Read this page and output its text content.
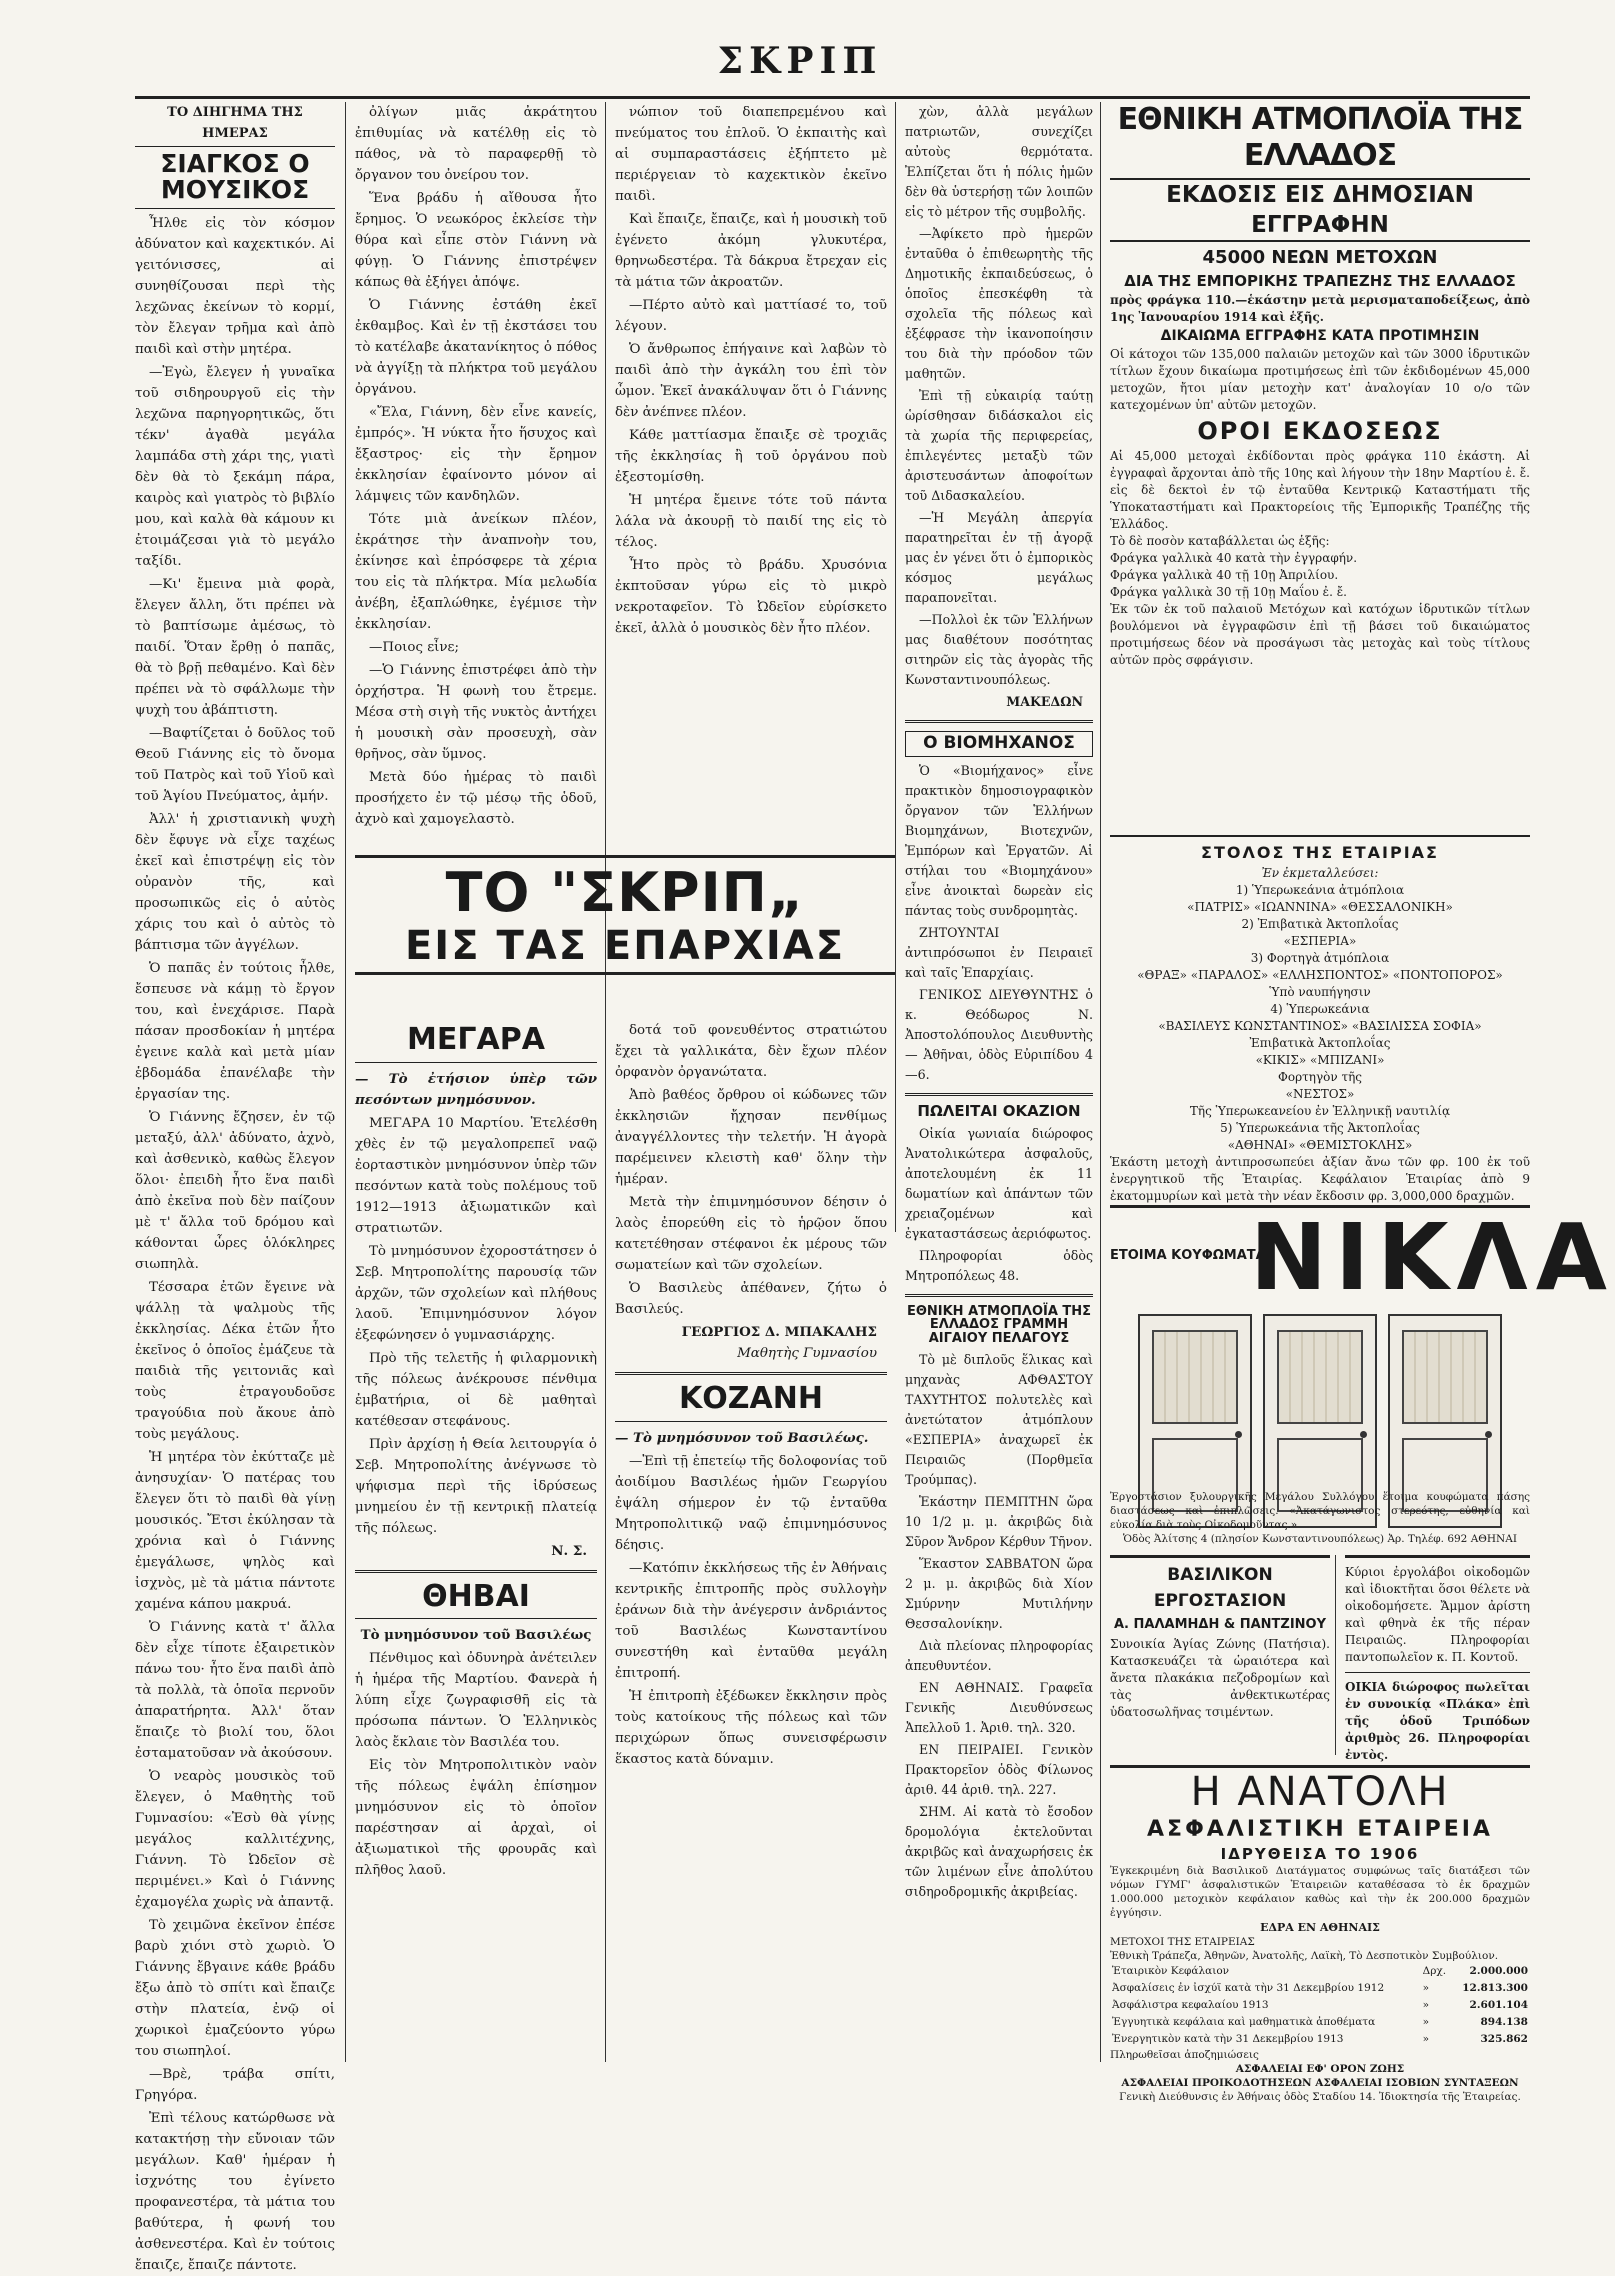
ΣΚΡΙΠ
ΤΟ ΔΙΗΓΗΜΑ ΤΗΣ ΗΜΕΡΑΣ
ΣΙΑΓΚΟΣ Ο ΜΟΥΣΙΚΟΣ

Ἦλθε εἰς τὸν κόσμον ἀδύνατον καὶ καχεκτικόν. Αἱ γειτόνισσες, αἱ συνηθίζουσαι περὶ τὴς λεχῶνας ἐκείνων τὸ κορμί, τὸν ἔλεγαν τρῆμα καὶ ἀπὸ παιδὶ καὶ στὴν μητέρα.

—Ἐγὼ, ἔλεγεν ἡ γυναῖκα τοῦ σιδηρουργοῦ εἰς τὴν λεχῶνα παρηγορητικῶς, ὅτι τέκν' ἀγαθὰ μεγάλα λαμπάδα στὴ χάρι της, γιατὶ δὲν θὰ τὸ ξεκάμη πάρα, καιρὸς καὶ γιατρὸς τὸ βιβλίο μου, καὶ καλὰ θὰ κάμουν κι ἐτοιμάζεσαι γιὰ τὸ μεγάλο ταξίδι.

—Κι' ἔμεινα μιὰ φορὰ, ἔλεγεν ἄλλη, ὅτι πρέπει νὰ τὸ βαπτίσωμε ἀμέσως, τὸ παιδί. Ὅταν ἔρθῃ ὁ παπᾶς, θὰ τὸ βρῇ πεθαμένο. Καὶ δὲν πρέπει νὰ τὸ σφάλλωμε τὴν ψυχὴ του ἀβάπτιστη.

—Βαφτίζεται ὁ δοῦλος τοῦ Θεοῦ Γιάννης εἰς τὸ ὄνομα τοῦ Πατρὸς καὶ τοῦ Υἱοῦ καὶ τοῦ Ἁγίου Πνεύματος, ἀμήν.

Ἀλλ' ἡ χριστιανικὴ ψυχὴ δὲν ἔφυγε νὰ εἶχε ταχέως ἐκεῖ καὶ ἐπιστρέψῃ εἰς τὸν οὐρανὸν τῆς, καὶ προσωπικῶς εἰς ὁ αὐτὸς χάρις του καὶ ὁ αὐτὸς τὸ βάπτισμα τῶν ἀγγέλων.

Ὁ παπᾶς ἐν τούτοις ἦλθε, ἔσπευσε νὰ κάμῃ τὸ ἔργον του, καὶ ἐνεχάρισε. Παρὰ πάσαν προσδοκίαν ἡ μητέρα ἐγεινε καλὰ καὶ μετὰ μίαν ἑβδομάδα ἐπανέλαβε τὴν ἐργασίαν της.

Ὁ Γιάννης ἔζησεν, ἐν τῷ μεταξύ, ἀλλ' ἀδύνατο, ἀχνὸ, καὶ ἀσθενικὸ, καθὼς ἔλεγον ὅλοι· ἐπειδὴ ἦτο ἕνα παιδὶ ἀπὸ ἐκεῖνα ποὺ δὲν παίζουν μὲ τ' ἄλλα τοῦ δρόμου καὶ κάθονται ὧρες ὁλόκληρες σιωπηλὰ.

Τέσσαρα ἐτῶν ἔγεινε νὰ ψάλλῃ τὰ ψαλμοὺς τῆς ἐκκλησίας. Δέκα ἐτῶν ἦτο ἐκεῖνος ὁ ὁποῖος ἐμάζευε τὰ παιδιὰ τῆς γειτονιᾶς καὶ τοὺς ἐτραγουδοῦσε τραγούδια ποὺ ἄκουε ἀπὸ τοὺς μεγάλους.

Ἡ μητέρα τὸν ἐκύτταζε μὲ ἀνησυχίαν· Ὁ πατέρας του ἔλεγεν ὅτι τὸ παιδὶ θὰ γίνῃ μουσικός. Ἔτσι ἐκύλησαν τὰ χρόνια καὶ ὁ Γιάννης ἐμεγάλωσε, ψηλὸς καὶ ἰσχνὸς, μὲ τὰ μάτια πάντοτε χαμένα κάπου μακρυά.

Ὁ Γιάννης κατὰ τ' ἄλλα δὲν εἶχε τίποτε ἐξαιρετικὸν πάνω του· ἦτο ἕνα παιδὶ ἀπὸ τὰ πολλὰ, τὰ ὁποῖα περνοῦν ἀπαρατήρητα. Ἀλλ' ὅταν ἔπαιζε τὸ βιολί του, ὅλοι ἐσταματοῦσαν νὰ ἀκούσουν.

Ὁ νεαρὸς μουσικὸς τοῦ ἔλεγεν, ὁ Μαθητὴς τοῦ Γυμνασίου: «Ἐσὺ θὰ γίνῃς μεγάλος καλλιτέχνης, Γιάννη. Τὸ Ὠδεῖον σὲ περιμένει.» Καὶ ὁ Γιάννης ἐχαμογέλα χωρὶς νὰ ἀπαντᾷ.

Τὸ χειμῶνα ἐκεῖνον ἐπέσε βαρὺ χιόνι στὸ χωριὸ. Ὁ Γιάννης ἔβγαινε κάθε βράδυ ἔξω ἀπὸ τὸ σπίτι καὶ ἔπαιζε στὴν πλατεία, ἐνῷ οἱ χωρικοὶ ἐμαζεύοντο γύρω του σιωπηλοί.

—Βρὲ, τράβα σπίτι, Γρηγόρα.

Ἐπὶ τέλους κατώρθωσε νὰ κατακτήσῃ τὴν εὔνοιαν τῶν μεγάλων. Καθ' ἡμέραν ἡ ἰσχνότης του ἐγίνετο προφανεστέρα, τὰ μάτια του βαθύτερα, ἡ φωνή του ἀσθενεστέρα. Καὶ ἐν τούτοις ἔπαιζε, ἔπαιζε πάντοτε.

ὀλίγων μιᾶς ἀκράτητου ἐπιθυμίας νὰ κατέλθῃ εἰς τὸ πάθος, νὰ τὸ παραφερθῇ τὸ ὄργανον του ὀνείρου τον.

Ἕνα βράδυ ἡ αἴθουσα ἦτο ἔρημος. Ὁ νεωκόρος ἐκλείσε τὴν θύρα καὶ εἶπε στὸν Γιάννη νὰ φύγῃ. Ὁ Γιάννης ἐπιστρέψεν κάπως θὰ ἐξήγει ἀπόψε.

Ὁ Γιάννης ἐστάθη ἐκεῖ ἐκθαμβος. Καὶ ἐν τῇ ἐκστάσει του τὸ κατέλαβε ἀκατανίκητος ὁ πόθος νὰ ἀγγίξῃ τὰ πλήκτρα τοῦ μεγάλου ὀργάνου.

«Ἔλα, Γιάννη, δὲν εἶνε κανείς, ἐμπρός». Ἡ νύκτα ἦτο ἥσυχος καὶ ἔξαστρος· εἰς τὴν ἔρημον ἐκκλησίαν ἐφαίνοντο μόνον αἱ λάμψεις τῶν κανδηλῶν.

Τότε μιὰ ἀνείκων πλέον, ἐκράτησε τὴν ἀναπνοὴν του, ἐκίνησε καὶ ἐπρόσφερε τὰ χέρια του εἰς τὰ πλήκτρα. Μία μελωδία ἀνέβη, ἐξαπλώθηκε, ἐγέμισε τὴν ἐκκλησίαν.

—Ποιος εἶνε;

—Ὁ Γιάννης ἐπιστρέφει ἀπὸ τὴν ὁρχήστρα. Ἡ φωνὴ του ἔτρεμε. Μέσα στὴ σιγὴ τῆς νυκτὸς ἀντήχει ἡ μουσικὴ σὰν προσευχὴ, σὰν θρῆνος, σὰν ὕμνος.

Μετὰ δύο ἡμέρας τὸ παιδὶ προσήχετο ἐν τῷ μέσῳ τῆς ὁδοῦ, ἀχνὸ καὶ χαμογελαστὸ.

νώπιον τοῦ διαπεπρεμένου καὶ πνεύματος του ἐπλοῦ. Ὁ ἐκπαιτὴς καὶ αἱ συμπαραστάσεις ἐξήπτετο μὲ περιέργειαν τὸ καχεκτικὸν ἐκεῖνο παιδὶ.

Καὶ ἔπαιζε, ἔπαιζε, καὶ ἡ μουσικὴ τοῦ ἐγένετο ἀκόμη γλυκυτέρα, θρηνωδεστέρα. Τὰ δάκρυα ἔτρεχαν εἰς τὰ μάτια τῶν ἀκροατῶν.

—Πέρτο αὐτὸ καὶ ματτίασέ το, τοῦ λέγουν.

Ὁ ἄνθρωπος ἐπήγαινε καὶ λαβὼν τὸ παιδὶ ἀπὸ τὴν ἀγκάλη του ἐπὶ τὸν ὦμον. Ἐκεῖ ἀνακάλυψαν ὅτι ὁ Γιάννης δὲν ἀνέπνεε πλέον.

Κάθε ματτίασμα ἔπαιξε σὲ τροχιᾶς τῆς ἐκκλησίας ἢ τοῦ ὀργάνου ποὺ ἐξεστομίσθη.

Ἡ μητέρα ἔμεινε τότε τοῦ πάντα λάλα νὰ ἀκουρῇ τὸ παιδί της εἰς τὸ τέλος.

Ἦτο πρὸς τὸ βράδυ. Χρυσόνια ἐκπτοῦσαν γύρω εἰς τὸ μικρὸ νεκροταφεῖον. Τὸ Ὠδεῖον εὑρίσκετο ἐκεῖ, ἀλλὰ ὁ μουσικὸς δὲν ἦτο πλέον.

ΤΟ "ΣΚΡΙΠ„
ΕΙΣ ΤΑΣ ΕΠΑΡΧΙΑΣ
ΜΕΓΑΡΑ

— Τὸ ἐτήσιον ὑπὲρ τῶν πεσόντων μνημόσυνον.

ΜΕΓΑΡΑ 10 Μαρτίου. Ἐτελέσθη χθὲς ἐν τῷ μεγαλοπρεπεῖ ναῷ ἐορταστικὸν μνημόσυνον ὑπὲρ τῶν πεσόντων κατὰ τοὺς πολέμους τοῦ 1912—1913 ἀξιωματικῶν καὶ στρατιωτῶν.

Τὸ μνημόσυνον ἐχοροστάτησεν ὁ Σεβ. Μητροπολίτης παρουσίᾳ τῶν ἀρχῶν, τῶν σχολείων καὶ πλήθους λαοῦ. Ἐπιμνημόσυνον λόγον ἐξεφώνησεν ὁ γυμνασιάρχης.

Πρὸ τῆς τελετῆς ἡ φιλαρμονικὴ τῆς πόλεως ἀνέκρουσε πένθιμα ἐμβατήρια, οἱ δὲ μαθηταὶ κατέθεσαν στεφάνους.

Πρὶν ἀρχίσῃ ἡ Θεία λειτουργία ὁ Σεβ. Μητροπολίτης ἀνέγνωσε τὸ ψήφισμα περὶ τῆς ἱδρύσεως μνημείου ἐν τῇ κεντρικῇ πλατείᾳ τῆς πόλεως.

Ν. Σ.
ΘΗΒΑΙ

Τὸ μνημόσυνον τοῦ Βασιλέως

Πένθιμος καὶ ὀδυνηρὰ ἀνέτειλεν ἡ ἡμέρα τῆς Μαρτίου. Φανερὰ ἡ λύπη εἶχε ζωγραφισθῆ εἰς τὰ πρόσωπα πάντων. Ὁ Ἑλληνικὸς λαὸς ἔκλαιε τὸν Βασιλέα του.

Εἰς τὸν Μητροπολιτικὸν ναὸν τῆς πόλεως ἐψάλη ἐπίσημον μνημόσυνον εἰς τὸ ὁποῖον παρέστησαν αἱ ἀρχαὶ, οἱ ἀξιωματικοὶ τῆς φρουρᾶς καὶ πλῆθος λαοῦ.

δοτά τοῦ φονευθέντος στρατιώτου ἔχει τὰ γαλλικάτα, δὲν ἔχων πλέον ὀρφανὸν ὀργανώτατα.

Ἀπὸ βαθέος ὄρθρου οἱ κώδωνες τῶν ἐκκλησιῶν ἤχησαν πενθίμως ἀναγγέλλοντες τὴν τελετήν. Ἡ ἀγορὰ παρέμεινεν κλειστὴ καθ' ὅλην τὴν ἡμέραν.

Μετὰ τὴν ἐπιμνημόσυνον δέησιν ὁ λαὸς ἐπορεύθη εἰς τὸ ἡρῷον ὅπου κατετέθησαν στέφανοι ἐκ μέρους τῶν σωματείων καὶ τῶν σχολείων.

Ὁ Βασιλεὺς ἀπέθανεν, ζήτω ὁ Βασιλεύς.

ΓΕΩΡΓΙΟΣ Δ. ΜΠΑΚΑΛΗΣ
Μαθητὴς Γυμνασίου
ΚΟΖΑΝΗ

— Τὸ μνημόσυνον τοῦ Βασιλέως.

—Ἐπὶ τῇ ἐπετείῳ τῆς δολοφονίας τοῦ ἀοιδίμου Βασιλέως ἡμῶν Γεωργίου ἐψάλη σήμερον ἐν τῷ ἐνταῦθα Μητροπολιτικῷ ναῷ ἐπιμνημόσυνος δέησις.

—Κατόπιν ἐκκλήσεως τῆς ἐν Ἀθήναις κεντρικῆς ἐπιτροπῆς πρὸς συλλογὴν ἐράνων διὰ τὴν ἀνέγερσιν ἀνδριάντος τοῦ Βασιλέως Κωνσταντίνου συνεστήθη καὶ ἐνταῦθα μεγάλη ἐπιτροπή.

Ἡ ἐπιτροπὴ ἐξέδωκεν ἔκκλησιν πρὸς τοὺς κατοίκους τῆς πόλεως καὶ τῶν περιχώρων ὅπως συνεισφέρωσιν ἕκαστος κατὰ δύναμιν.

χὼν, ἀλλὰ μεγάλων πατριωτῶν, συνεχίζει αὐτοὺς θερμότατα. Ἐλπίζεται ὅτι ἡ πόλις ἡμῶν δὲν θὰ ὑστερήσῃ τῶν λοιπῶν εἰς τὸ μέτρον τῆς συμβολῆς.

—Ἀφίκετο πρὸ ἡμερῶν ἐνταῦθα ὁ ἐπιθεωρητὴς τῆς Δημοτικῆς ἐκπαιδεύσεως, ὁ ὁποῖος ἐπεσκέφθη τὰ σχολεῖα τῆς πόλεως καὶ ἐξέφρασε τὴν ἱκανοποίησιν του διὰ τὴν πρόοδον τῶν μαθητῶν.

Ἐπὶ τῇ εὐκαιρίᾳ ταύτῃ ὡρίσθησαν διδάσκαλοι εἰς τὰ χωρία τῆς περιφερείας, ἐπιλεγέντες μεταξὺ τῶν ἀριστευσάντων ἀποφοίτων τοῦ Διδασκαλείου.

—Ἡ Μεγάλη ἀπεργία παρατηρεῖται ἐν τῇ ἀγορᾷ μας ἐν γένει ὅτι ὁ ἐμπορικὸς κόσμος μεγάλως παραπονεῖται.

—Πολλοὶ ἐκ τῶν Ἐλλήνων μας διαθέτουν ποσότητας σιτηρῶν εἰς τὰς ἀγορὰς τῆς Κωνσταντινουπόλεως.

ΜΑΚΕΔΩΝ
Ο ΒΙΟΜΗΧΑΝΟΣ

Ὁ «Βιομήχανος» εἶνε πρακτικὸν δημοσιογραφικὸν ὄργανον τῶν Ἑλλήνων Βιομηχάνων, Βιοτεχνῶν, Ἐμπόρων καὶ Ἐργατῶν. Αἱ στήλαι του «Βιομηχάνου» εἶνε ἀνοικταὶ δωρεὰν εἰς πάντας τοὺς συνδρομητὰς.

ΖΗΤΟΥΝΤΑΙ ἀντιπρόσωποι ἐν Πειραιεῖ καὶ ταῖς Ἐπαρχίαις.

ΓΕΝΙΚΟΣ ΔΙΕΥΘΥΝΤΗΣ ὁ κ. Θεόδωρος Ν. Ἀποστολόπουλος Διευθυντὴς — Ἀθῆναι, ὁδὸς Εὐριπίδου 4—6.

ΠΩΛΕΙΤΑΙ ΟΚΑΖΙΟΝ

Οἰκία γωνιαία διώροφος Ἀνατολικώτερα ἀσφαλοῦς, ἀποτελουμένη ἐκ 11 δωματίων καὶ ἁπάντων τῶν χρειαζομένων καὶ ἐγκαταστάσεως ἀεριόφωτος.

Πληροφορίαι ὁδὸς Μητροπόλεως 48.

ΕΘΝΙΚΗ ΑΤΜΟΠΛΟΪΑ ΤΗΣ ΕΛΛΑΔΟΣ ΓΡΑΜΜΗ ΑΙΓΑΙΟΥ ΠΕΛΑΓΟΥΣ

Τὸ μὲ διπλοῦς ἕλικας καὶ μηχανὰς ΑΦΘΑΣΤΟΥ ΤΑΧΥΤΗΤΟΣ πολυτελὲς καὶ ἀνετώτατον ἀτμόπλουν «ΕΣΠΕΡΙΑ» ἀναχωρεῖ ἐκ Πειραιῶς (Πορθμεῖα Τρούμπας).

Ἑκάστην ΠΕΜΠΤΗΝ ὥρα 10 1/2 μ. μ. ἀκριβῶς διὰ Σῦρον Ἄνδρον Κέρθυν Τῆνον.

Ἕκαστον ΣΑΒΒΑΤΟΝ ὥρα 2 μ. μ. ἀκριβῶς διὰ Χίον Σμύρνην Μυτιλήνην Θεσσαλονίκην.

Διὰ πλείονας πληροφορίας ἀπευθυντέον.

ΕΝ ΑΘΗΝΑΙΣ. Γραφεῖα Γενικῆς Διευθύνσεως Ἀπελλοῦ 1. Ἀριθ. τηλ. 320.

ΕΝ ΠΕΙΡΑΙΕΙ. Γενικὸν Πρακτορεῖον ὁδὸς Φίλωνος ἀριθ. 44 ἀριθ. τηλ. 227.

ΣΗΜ. Αἱ κατὰ τὸ ἔσοδον δρομολόγια ἐκτελοῦνται ἀκριβῶς καὶ ἀναχωρήσεις ἐκ τῶν λιμένων εἶνε ἀπολύτου σιδηροδρομικῆς ἀκριβείας.

ΕΘΝΙΚΗ ΑΤΜΟΠΛΟΪΑ ΤΗΣ ΕΛΛΑΔΟΣ
ΕΚΔΟΣΙΣ ΕΙΣ ΔΗΜΟΣΙΑΝ ΕΓΓΡΑΦΗΝ
45000 ΝΕΩΝ ΜΕΤΟΧΩΝ
ΔΙΑ ΤΗΣ ΕΜΠΟΡΙΚΗΣ ΤΡΑΠΕΖΗΣ ΤΗΣ ΕΛΛΑΔΟΣ

πρὸς φράγκα 110.—ἑκάστην μετὰ μερισματαποδείξεως, ἀπὸ 1ης Ἰανουαρίου 1914 καὶ ἑξῆς.

ΔΙΚΑΙΩΜΑ ΕΓΓΡΑΦΗΣ ΚΑΤΑ ΠΡΟΤΙΜΗΣΙΝ

Οἱ κάτοχοι τῶν 135,000 παλαιῶν μετοχῶν καὶ τῶν 3000 ἱδρυτικῶν τίτλων ἔχουν δικαίωμα προτιμήσεως ἐπὶ τῶν ἐκδιδομένων 45,000 μετοχῶν, ἤτοι μίαν μετοχὴν κατ' ἀναλογίαν 10 ο/ο τῶν κατεχομένων ὑπ' αὐτῶν μετοχῶν.

ΟΡΟΙ ΕΚΔΟΣΕΩΣ

Αἱ 45,000 μετοχαὶ ἐκδίδονται πρὸς φράγκα 110 ἑκάστη. Αἱ ἐγγραφαὶ ἄρχονται ἀπὸ τῆς 10ης καὶ λήγουν τὴν 18ην Μαρτίου ἐ. ἔ. εἰς δὲ δεκτοὶ ἐν τῷ ἐνταῦθα Κεντρικῷ Καταστήματι τῆς Ὑποκαταστήματι καὶ Πρακτορείοις τῆς Ἐμπορικῆς Τραπέζης τῆς Ἑλλάδος.

Τὸ δὲ ποσὸν καταβάλλεται ὡς ἑξῆς:

Φράγκα γαλλικὰ 40 κατὰ τὴν ἐγγραφήν.

Φράγκα γαλλικὰ 40 τῇ 10ῃ Ἀπριλίου.

Φράγκα γαλλικὰ 30 τῇ 10ῃ Μαΐου ἐ. ἔ.

Ἐκ τῶν ἐκ τοῦ παλαιοῦ Μετόχων καὶ κατόχων ἱδρυτικῶν τίτλων βουλόμενοι νὰ ἐγγραφῶσιν ἐπὶ τῇ βάσει τοῦ δικαιώματος προτιμήσεως δέον νὰ προσάγωσι τὰς μετοχὰς καὶ τοὺς τίτλους αὐτῶν πρὸς σφράγισιν.

ΣΤΟΛΟΣ ΤΗΣ ΕΤΑΙΡΙΑΣ

Ἐν ἐκμεταλλεύσει:

1) Ὑπερωκεάνια ἀτμόπλοια

«ΠΑΤΡΙΣ» «ΙΩΑΝΝΙΝΑ» «ΘΕΣΣΑΛΟΝΙΚΗ»

2) Ἐπιβατικὰ Ἀκτοπλοΐας

«ΕΣΠΕΡΙΑ»

3) Φορτηγὰ ἀτμόπλοια

«ΘΡΑΞ» «ΠΑΡΑΛΟΣ» «ΕΛΛΗΣΠΟΝΤΟΣ» «ΠΟΝΤΟΠΟΡΟΣ»

Ὑπὸ ναυπήγησιν

4) Ὑπερωκεάνια

«ΒΑΣΙΛΕΥΣ ΚΩΝΣΤΑΝΤΙΝΟΣ» «ΒΑΣΙΛΙΣΣΑ ΣΟΦΙΑ»

Ἐπιβατικὰ Ἀκτοπλοΐας

«ΚΙΚΙΣ» «ΜΠΙΖΑΝΙ»

Φορτηγὸν τῆς

«ΝΕΣΤΟΣ»

Τῆς Ὑπερωκεανείου ἐν Ἑλληνικῇ ναυτιλίᾳ

5) Ὑπερωκεάνια τῆς Ἀκτοπλοΐας

«ΑΘΗΝΑΙ» «ΘΕΜΙΣΤΟΚΛΗΣ»

Ἑκάστη μετοχὴ ἀντιπροσωπεύει ἀξίαν ἄνω τῶν φρ. 100 ἐκ τοῦ ἐνεργητικοῦ τῆς Ἑταιρίας. Κεφάλαιον Ἑταιρίας ἀπὸ 9 ἐκατομμυρίων καὶ μετὰ τὴν νέαν ἔκδοσιν φρ. 3,000,000 δραχμῶν.

ΕΤΟΙΜΑ ΚΟΥΦΩΜΑΤΑ
ΝΙΚΛΑ

Ἐργοστάσιον ξυλουργικῆς Μεγάλου Συλλόγου ἕτοιμα κουφώματα πάσης διαστάσεως καὶ ἐπιπλῶσεις. «Ἀκατάγωνιστος στερεότης, εὐθηνία καὶ εὐκολία διὰ τοὺς Οἰκοδομοῦντας.»

Ὁδὸς Ἀλίτσης 4 (πλησίον Κωνσταντινουπόλεως) Ἀρ. Τηλέφ. 692 ΑΘΗΝΑΙ

ΒΑΣΙΛΙΚΟΝ ΕΡΓΟΣΤΑΣΙΟΝ
Α. ΠΑΛΑΜΗΔΗ & ΠΑΝΤΖΙΝΟΥ

Συνοικία Ἁγίας Ζώνης (Πατήσια). Κατασκευάζει τὰ ὡραιότερα καὶ ἄνετα πλακάκια πεζοδρομίων καὶ τὰς ἀνθεκτικωτέρας ὑδατοσωλῆνας τσιμέντων.

Κύριοι ἐργολάβοι οἰκοδομῶν καὶ ἰδιοκτῆται ὅσοι θέλετε νὰ οἰκοδομήσετε. Ἄμμον ἀρίστη καὶ φθηνὰ ἐκ τῆς πέραν Πειραιῶς. Πληροφορίαι παντοπωλεῖον κ. Π. Κοντοῦ.

ΟΙΚΙΑ διώροφος πωλεῖται ἐν συνοικίᾳ «Πλάκα» ἐπὶ τῆς ὁδοῦ Τριπόδων ἀριθμὸς 26. Πληροφορίαι ἐντὸς.

Η ΑΝΑΤΟΛΗ
ΑΣΦΑΛΙΣΤΙΚΗ ΕΤΑΙΡΕΙΑ
ΙΔΡΥΘΕΙΣΑ ΤΟ 1906

Ἐγκεκριμένη διὰ Βασιλικοῦ Διατάγματος συμφώνως ταῖς διατάξεσι τῶν νόμων ΓΥΜΓ' ἀσφαλιστικῶν Ἑταιρειῶν καταθέσασα τὸ ἐκ δραχμῶν 1.000.000 μετοχικὸν κεφάλαιον καθὼς καὶ τὴν ἐκ 200.000 δραχμῶν ἐγγύησιν.

ΕΔΡΑ ΕΝ ΑΘΗΝΑΙΣ

ΜΕΤΟΧΟΙ ΤΗΣ ΕΤΑΙΡΕΙΑΣ

Ἐθνικὴ Τράπεζα, Ἀθηνῶν, Ἀνατολῆς, Λαϊκὴ, Τὸ Δεσποτικὸν Συμβούλιον.

Ἑταιρικὸν Κεφάλαιον	Δρχ.	2.000.000
Ἀσφαλίσεις ἐν ἰσχύϊ κατὰ τὴν 31 Δεκεμβρίου 1912	»	12.813.300
Ἀσφάλιστρα κεφαλαίου 1913	»	2.601.104
Ἐγγυητικὰ κεφάλαια καὶ μαθηματικὰ ἀποθέματα	»	894.138
Ἐνεργητικὸν κατὰ τὴν 31 Δεκεμβρίου 1913	»	325.862

Πληρωθεῖσαι ἀποζημιώσεις

ΑΣΦΑΛΕΙΑΙ ΕΦ' ΟΡΟΝ ΖΩΗΣ

ΑΣΦΑΛΕΙΑΙ ΠΡΟΙΚΟΔΟΤΗΣΕΩΝ ΑΣΦΑΛΕΙΑΙ ΙΣΟΒΙΩΝ ΣΥΝΤΑΞΕΩΝ

Γενικὴ Διεύθυνσις ἐν Ἀθήναις ὁδὸς Σταδίου 14. Ἰδιοκτησία τῆς Ἑταιρείας.
